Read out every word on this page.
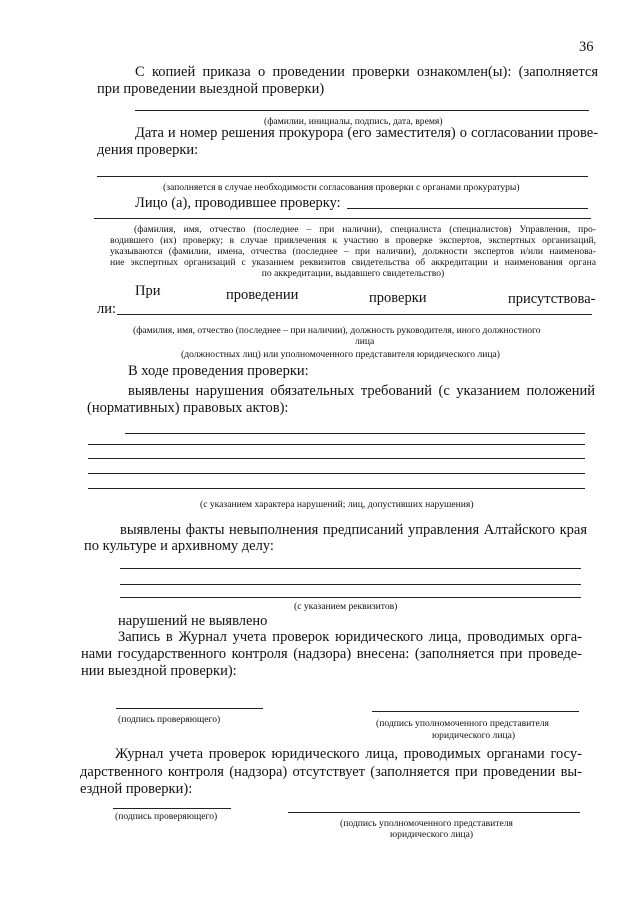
36
С копией приказа о проведении проверки ознакомлен(ы): (заполняется
при проведении выездной проверки)
(фамилии, инициалы, подпись, дата, время)
Дата и номер решения прокурора (его заместителя) о согласовании прове-
дения проверки:
(заполняется в случае необходимости согласования проверки с органами прокуратуры)
Лицо (а), проводившее проверку:
(фамилия, имя, отчество (последнее – при наличии), специалиста (специалистов) Управления, про-
водившего (их) проверку; в случае привлечения к участию в проверке экспертов, экспертных организаций,
указываются (фамилии, имена, отчества (последнее – при наличии), должности экспертов и/или наименова-
ние экспертных организаций с указанием реквизитов свидетельства об аккредитации и наименования органа
по аккредитации, выдавшего свидетельство)
При	проведении	проверки	присутствова-
ли:
(фамилия, имя, отчество (последнее – при наличии), должность руководителя, иного должностного
лица
(должностных лиц) или уполномоченного представителя юридического лица)
В ходе проведения проверки:
выявлены нарушения обязательных требований (с указанием положений
(нормативных) правовых актов):
(с указанием характера нарушений; лиц, допустивших нарушения)
выявлены факты невыполнения предписаний управления Алтайского края
по культуре и архивному делу:
(с указанием реквизитов)
нарушений не выявлено
Запись в Журнал учета проверок юридического лица, проводимых орга-
нами государственного контроля (надзора) внесена: (заполняется при проведе-
нии выездной проверки):
(подпись проверяющего)	(подпись уполномоченного представителя
юридического лица)
Журнал учета проверок юридического лица, проводимых органами госу-
дарственного контроля (надзора) отсутствует (заполняется при проведении вы-
ездной проверки):
(подпись проверяющего)
(подпись уполномоченного представителя
юридического лица)
